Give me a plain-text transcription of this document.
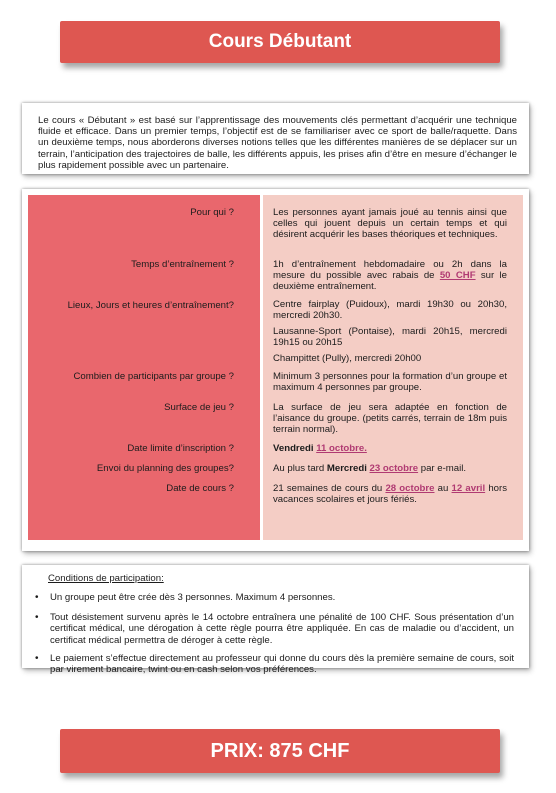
Cours Débutant

Le cours « Débutant » est basé sur l’apprentissage des mouvements clés permettant d’acquérir une technique fluide et efficace. Dans un premier temps, l’objectif est de se familiariser avec ce sport de balle/raquette. Dans un deuxième temps, nous aborderons diverses notions telles que les différentes manières de se déplacer sur un terrain, l’anticipation des trajectoires de balle, les différents appuis, les prises afin d’être en mesure d’échanger le plus rapidement possible avec un partenaire.

Pour qui ?
Temps d’entraînement ?
Lieux, Jours et heures d’entraînement?
Combien de participants par groupe ?
Surface de jeu ?
Date limite d’inscription ?
Envoi du planning des groupes?
Date de cours ?
Les personnes ayant jamais joué au tennis ainsi que celles qui jouent depuis un certain temps et qui désirent acquérir les bases théoriques et techniques.
1h d’entraînement hebdomadaire ou 2h dans la mesure du possible avec rabais de 50 CHF sur le deuxième entraînement.
Centre fairplay (Puidoux), mardi 19h30 ou 20h30, mercredi 20h30.
Lausanne-Sport (Pontaise), mardi 20h15, mercredi 19h15 ou 20h15
Champittet (Pully), mercredi 20h00
Minimum 3 personnes pour la formation d’un groupe et maximum 4 personnes par groupe.
La surface de jeu sera adaptée en fonction de l’aisance du groupe. (petits carrés, terrain de 18m puis terrain normal).
Vendredi 11 octobre.
Au plus tard Mercredi 23 octobre par e-mail.
21 semaines de cours du 28 octobre au 12 avril hors vacances scolaires et jours fériés.
Conditions de participation:
• Un groupe peut être crée dès 3 personnes. Maximum 4 personnes.
• Tout désistement survenu après le 14 octobre entraînera une pénalité de 100 CHF. Sous présentation d’un certificat médical, une dérogation à cette règle pourra être appliquée. En cas de maladie ou d’accident, un certificat médical permettra de déroger à cette règle.
• Le paiement s’effectue directement au professeur qui donne du cours dès la première semaine de cours, soit par virement bancaire, twint ou en cash selon vos préférences.
PRIX: 875 CHF
